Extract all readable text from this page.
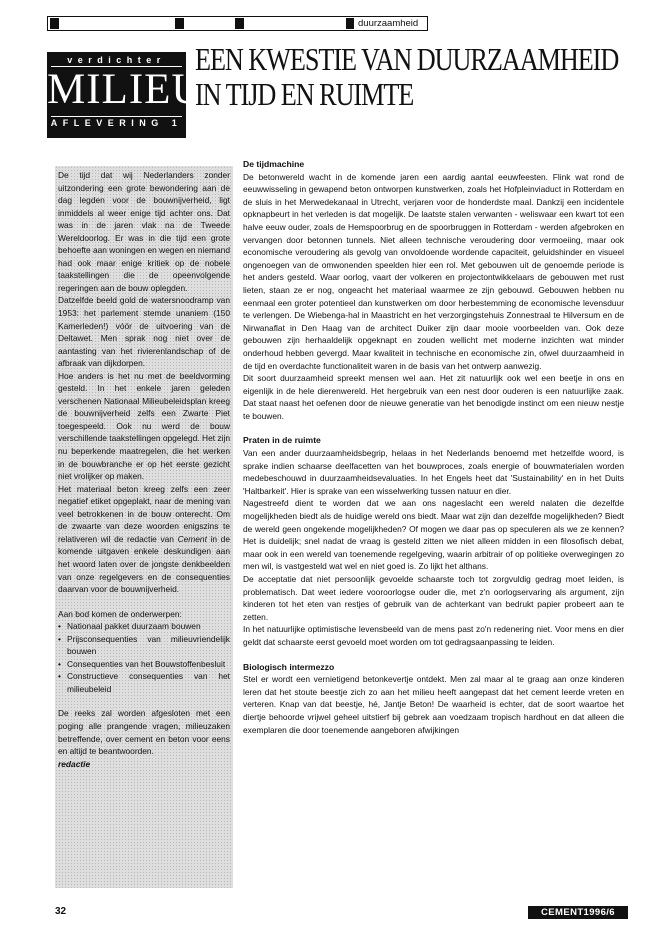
duurzaamheid
verdichter
MILIEU
AFLEVERING 1
EEN KWESTIE VAN DUURZAAMHEID
IN TIJD EN RUIMTE

De tijd dat wij Nederlanders zonder uitzondering een grote bewondering aan de dag legden voor de bouwnijverheid, ligt inmiddels al weer enige tijd achter ons. Dat was in de jaren vlak na de Tweede Wereldoorlog. Er was in die tijd een grote behoefte aan woningen en wegen en niemand had ook maar enige kritiek op de nobele taakstellingen die de opeenvolgende regeringen aan de bouw oplegden.

Datzelfde beeld gold de watersnoodramp van 1953: het parlement stemde unaniem (150 Kamerleden!) vóór de uitvoering van de Deltawet. Men sprak nog niet over de aantasting van het rivierenlandschap of de afbraak van dijkdorpen.

Hoe anders is het nu met de beeldvorming gesteld. In het enkele jaren geleden verschenen Nationaal Milieubeleidsplan kreeg de bouwnijverheid zelfs een Zwarte Piet toegespeeld. Ook nu werd de bouw verschillende taakstellingen opgelegd. Het zijn nu beperkende maatregelen, die het werken in de bouwbranche er op het eerste gezicht niet vrolijker op maken.

Het materiaal beton kreeg zelfs een zeer negatief etiket opgeplakt, naar de mening van veel betrokkenen in de bouw onterecht. Om de zwaarte van deze woorden enigszins te relativeren wil de redactie van Cement in de komende uitgaven enkele deskundigen aan het woord laten over de jongste denkbeelden van onze regelgevers en de consequenties daarvan voor de bouwnijverheid.

Aan bod komen de onderwerpen:

• Nationaal pakket duurzaam bouwen
• Prijsconsequenties van milieuvriendelijk bouwen
• Consequenties van het Bouwstoffenbesluit
• Constructieve consequenties van het milieubeleid

De reeks zal worden afgesloten met een poging alle prangende vragen, milieuzaken betreffende, over cement en beton voor eens en altijd te beantwoorden.

redactie

De tijdmachine

De betonwereld wacht in de komende jaren een aardig aantal eeuwfeesten. Flink wat rond de eeuwwisseling in gewapend beton ontworpen kunstwerken, zoals het Hofpleinviaduct in Rotterdam en de sluis in het Merwedekanaal in Utrecht, verjaren voor de honderdste maal. Dankzij een incidentele opknapbeurt in het verleden is dat mogelijk. De laatste stalen verwanten - weliswaar een kwart tot een halve eeuw ouder, zoals de Hemspoorbrug en de spoorbruggen in Rotterdam - werden afgebroken en vervangen door betonnen tunnels. Niet alleen technische veroudering door vermoeiing, maar ook economische veroudering als gevolg van onvoldoende wordende capaciteit, geluidshinder en visueel ongenoegen van de omwonenden speelden hier een rol. Met gebouwen uit de genoemde periode is het anders gesteld. Waar oorlog, vaart der volkeren en projectontwikkelaars de gebouwen met rust lieten, staan ze er nog, ongeacht het materiaal waarmee ze zijn gebouwd. Gebouwen hebben nu eenmaal een groter potentieel dan kunstwerken om door herbestemming de economische levensduur te verlengen. De Wiebenga-hal in Maastricht en het verzorgingstehuis Zonnestraal te Hilversum en de Nirwanaflat in Den Haag van de architect Duiker zijn daar mooie voorbeelden van. Ook deze gebouwen zijn herhaaldelijk opgeknapt en zouden wellicht met moderne inzichten wat minder onderhoud hebben gevergd. Maar kwaliteit in technische en economische zin, ofwel duurzaamheid in de tijd en overdachte functionaliteit waren in de basis van het ontwerp aanwezig.

Dit soort duurzaamheid spreekt mensen wel aan. Het zit natuurlijk ook wel een beetje in ons en eigenlijk in de hele dierenwereld. Het hergebruik van een nest door ouderen is een natuurlijke zaak. Dat staat naast het oefenen door de nieuwe generatie van het benodigde instinct om een nieuw nestje te bouwen.

Praten in de ruimte

Van een ander duurzaamheidsbegrip, helaas in het Nederlands benoemd met hetzelfde woord, is sprake indien schaarse deelfacetten van het bouwproces, zoals energie of bouwmaterialen worden medebeschouwd in duurzaamheidsevaluaties. In het Engels heet dat 'Sustainability' en in het Duits 'Haltbarkeit'. Hier is sprake van een wisselwerking tussen natuur en dier.

Nagestreefd dient te worden dat we aan ons nageslacht een wereld nalaten die dezelfde mogelijkheden biedt als de huidige wereld ons biedt. Maar wat zijn dan dezelfde mogelijkheden? Biedt de wereld geen ongekende mogelijkheden? Of mogen we daar pas op speculeren als we ze kennen? Het is duidelijk; snel nadat de vraag is gesteld zitten we niet alleen midden in een filosofisch debat, maar ook in een wereld van toenemende regelgeving, waarin arbitrair of op politieke overwegingen zo men wil, is vastgesteld wat wel en niet goed is. Zo lijkt het althans.

De acceptatie dat niet persoonlijk gevoelde schaarste toch tot zorgvuldig gedrag moet leiden, is problematisch. Dat weet iedere vooroorlogse ouder die, met z'n oorlogservaring als argument, zijn kinderen tot het eten van restjes of gebruik van de achterkant van bedrukt papier probeert aan te zetten.

In het natuurlijke optimistische levensbeeld van de mens past zo'n redenering niet. Voor mens en dier geldt dat schaarste eerst gevoeld moet worden om tot gedragsaanpassing te leiden.

Biologisch intermezzo

Stel er wordt een vernietigend betonkevertje ontdekt. Men zal maar al te graag aan onze kinderen leren dat het stoute beestje zich zo aan het milieu heeft aangepast dat het cement leerde vreten en verteren. Knap van dat beestje, hé, Jantje Beton! De waarheid is echter, dat de soort waartoe het diertje behoorde vrijwel geheel uitstierf bij gebrek aan voedzaam tropisch hardhout en dat alleen die exemplaren die door toenemende aangeboren afwijkingen

32	CEMENT1996/6
